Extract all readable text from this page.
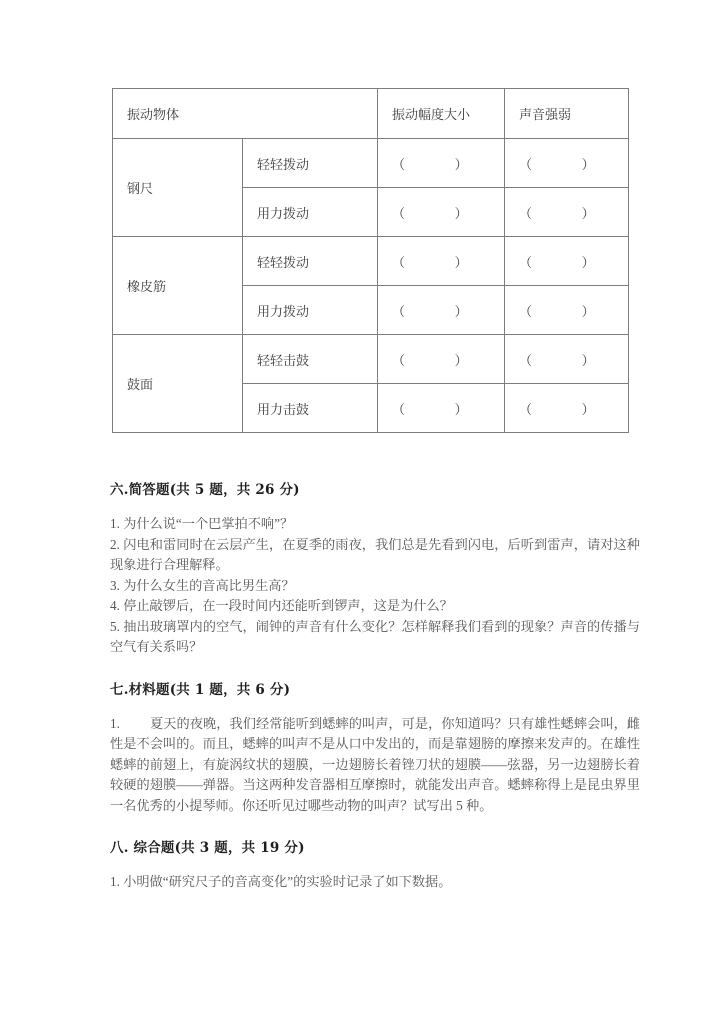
振动物体		振动幅度大小	声音强弱
钢尺	轻轻拨动	（            ）	（            ）
	用力拨动	（            ）	（            ）
橡皮筋	轻轻拨动	（            ）	（            ）
	用力拨动	（            ）	（            ）
鼓面	轻轻击鼓	（            ）	（            ）
	用力击鼓	（            ）	（            ）
六.简答题(共 5 题，共 26 分)

1. 为什么说“一个巴掌拍不响”？

2. 闪电和雷同时在云层产生，在夏季的雨夜，我们总是先看到闪电，后听到雷声，请对这种现象进行合理解释。

3. 为什么女生的音高比男生高？

4. 停止敲锣后，在一段时间内还能听到锣声，这是为什么？

5. 抽出玻璃罩内的空气，闹钟的声音有什么变化？怎样解释我们看到的现象？声音的传播与空气有关系吗？

七.材料题(共 1 题，共 6 分)

1. 夏天的夜晚，我们经常能听到蟋蟀的叫声，可是，你知道吗？只有雄性蟋蟀会叫，雌性是不会叫的。而且，蟋蟀的叫声不是从口中发出的，而是靠翅膀的摩擦来发声的。在雄性蟋蟀的前翅上，有旋涡纹状的翅膜，一边翅膀长着锉刀状的翅膜——弦器，另一边翅膀长着较硬的翅膜——弹器。当这两种发音器相互摩擦时，就能发出声音。蟋蟀称得上是昆虫界里一名优秀的小提琴师。你还听见过哪些动物的叫声？试写出 5 种。

八. 综合题(共 3 题，共 19 分)

1. 小明做“研究尺子的音高变化”的实验时记录了如下数据。
